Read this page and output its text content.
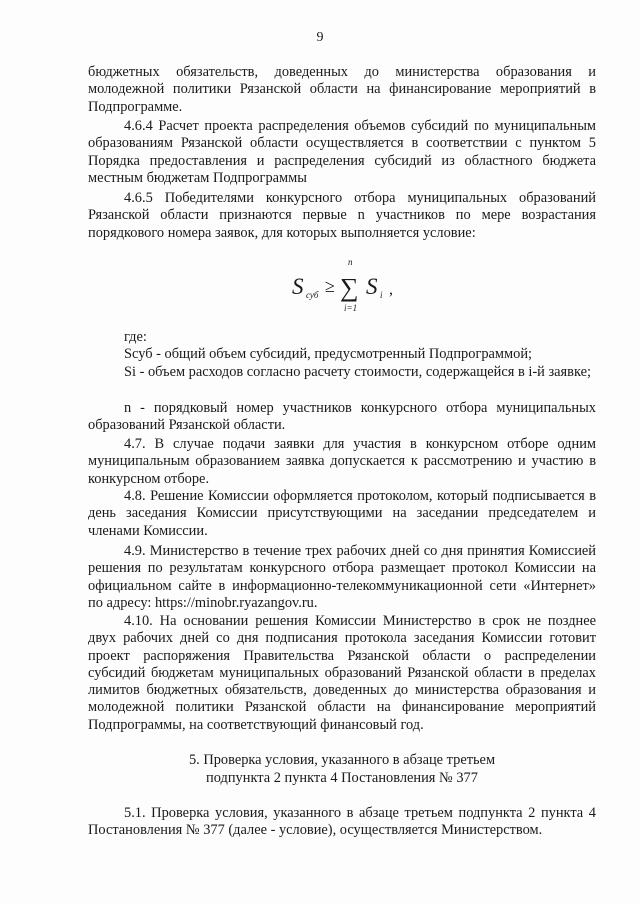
9

бюджетных обязательств, доведенных до министерства образования и молодежной политики Рязанской области на финансирование мероприятий в Подпрограмме.

4.6.4 Расчет проекта распределения объемов субсидий по муниципальным образованиям Рязанской области осуществляется в соответствии с пунктом 5 Порядка предоставления и распределения субсидий из областного бюджета местным бюджетам Подпрограммы

4.6.5 Победителями конкурсного отбора муниципальных образований Рязанской области признаются первые n участников по мере возрастания порядкового номера заявок, для которых выполняется условие:

S суб ≥
n
∑
i=1
S i ,

где:

Sсуб - общий объем субсидий, предусмотренный Подпрограммой;

Si - объем расходов согласно расчету стоимости, содержащейся в i-й заявке;

n - порядковый номер участников конкурсного отбора муниципальных образований Рязанской области.

4.7. В случае подачи заявки для участия в конкурсном отборе одним муниципальным образованием заявка допускается к рассмотрению и участию в конкурсном отборе.

4.8. Решение Комиссии оформляется протоколом, который подписывается в день заседания Комиссии присутствующими на заседании председателем и членами Комиссии.

4.9. Министерство в течение трех рабочих дней со дня принятия Комиссией решения по результатам конкурсного отбора размещает протокол Комиссии на официальном сайте в информационно-телекоммуникационной сети «Интернет» по адресу: https://minobr.ryazangov.ru.

4.10. На основании решения Комиссии Министерство в срок не позднее двух рабочих дней со дня подписания протокола заседания Комиссии готовит проект распоряжения Правительства Рязанской области о распределении субсидий бюджетам муниципальных образований Рязанской области в пределах лимитов бюджетных обязательств, доведенных до министерства образования и молодежной политики Рязанской области на финансирование мероприятий Подпрограммы, на соответствующий финансовый год.

5. Проверка условия, указанного в абзаце третьем
подпункта 2 пункта 4 Постановления № 377

5.1. Проверка условия, указанного в абзаце третьем подпункта 2 пункта 4 Постановления № 377 (далее - условие), осуществляется Министерством.
